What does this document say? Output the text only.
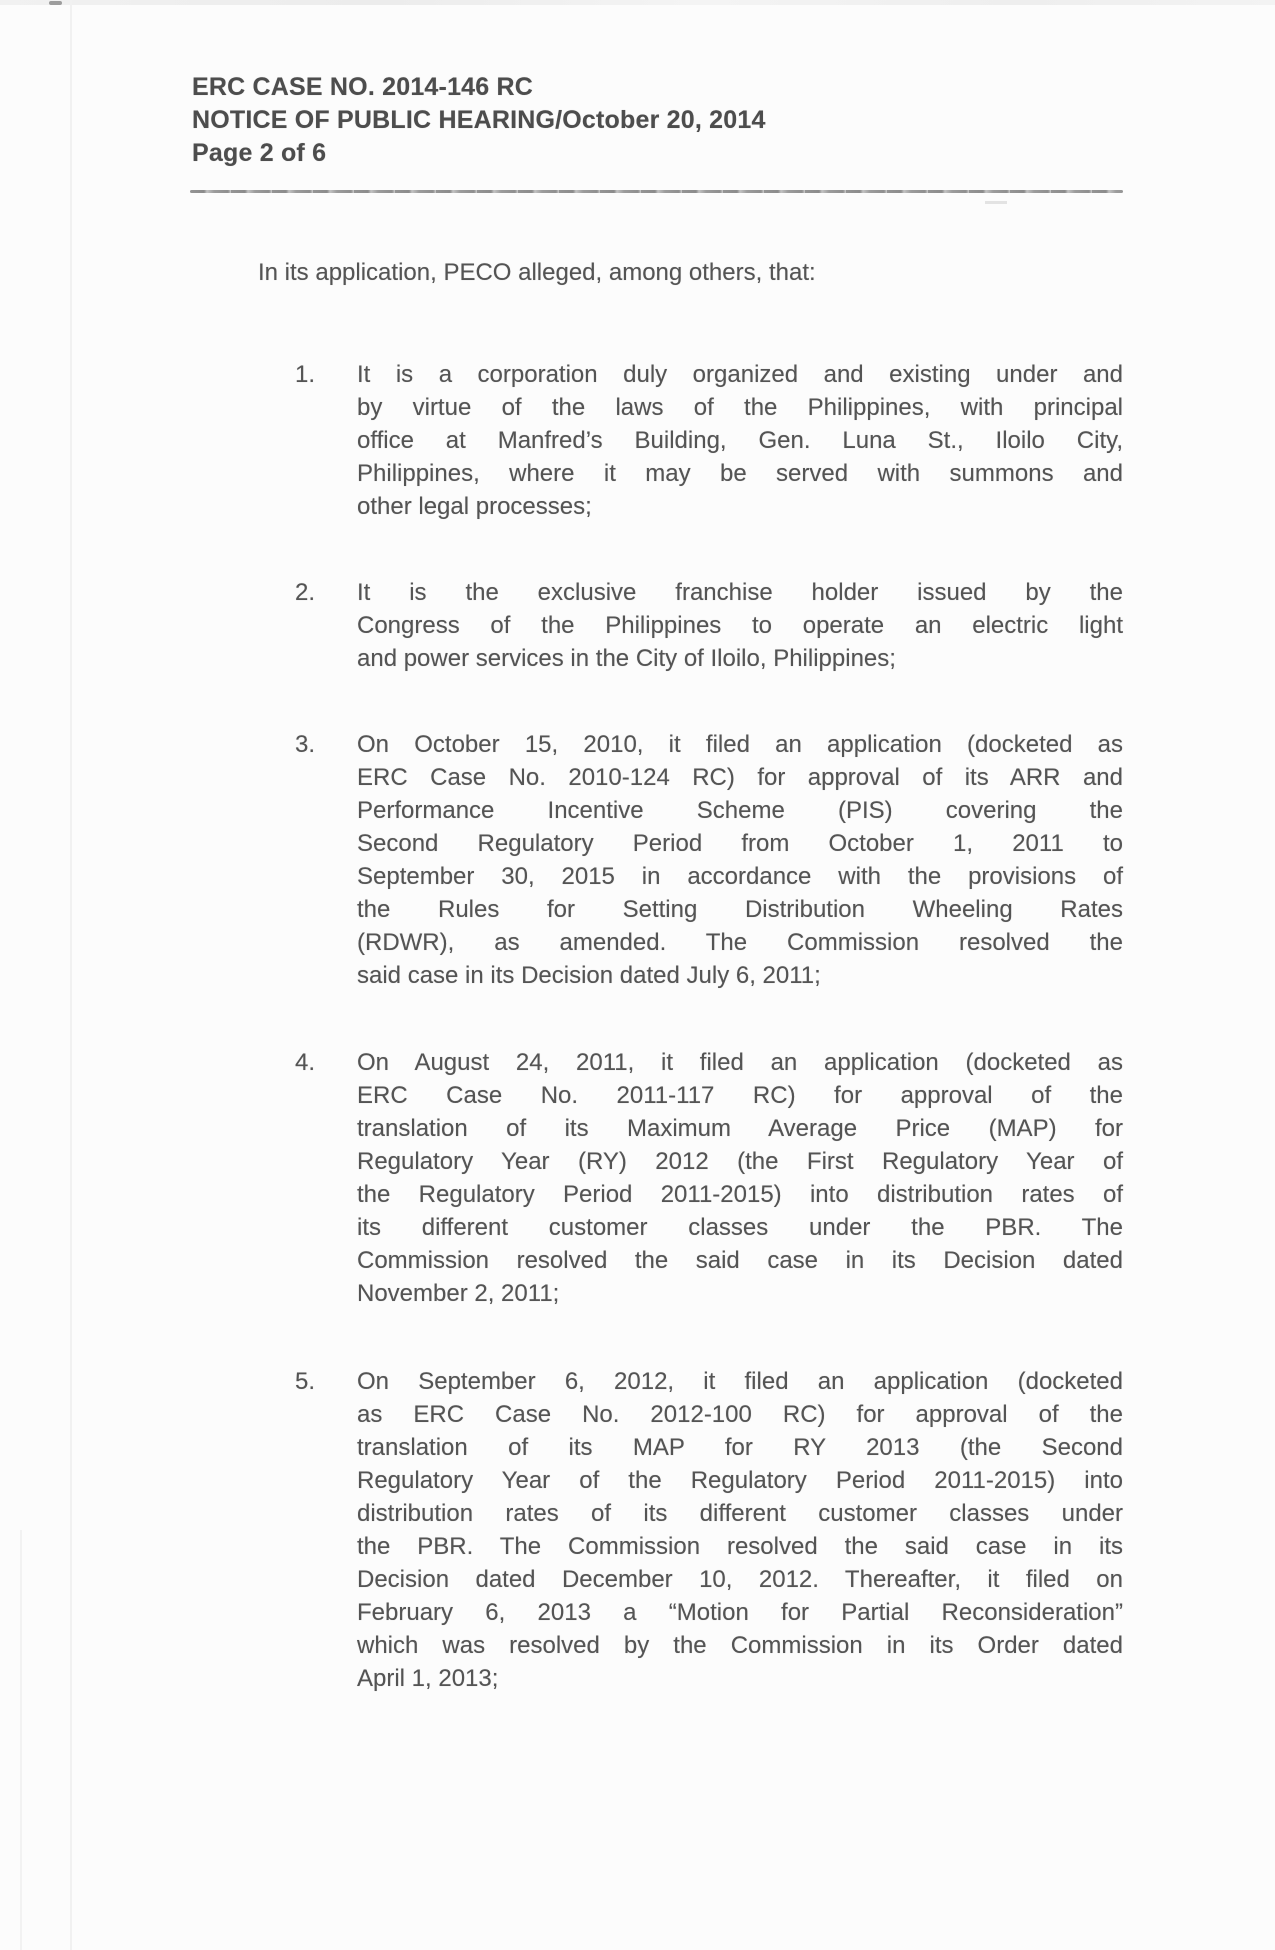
ERC CASE NO. 2014-146 RC
NOTICE OF PUBLIC HEARING/October 20, 2014
Page 2 of 6

In its application, PECO alleged, among others, that:

1. It is a corporation duly organized and existing under and
by virtue of the laws of the Philippines, with principal
office at Manfred’s Building, Gen. Luna St., Iloilo City,
Philippines, where it may be served with summons and
other legal processes;
2. It is the exclusive franchise holder issued by the
Congress of the Philippines to operate an electric light
and power services in the City of Iloilo, Philippines;
3. On October 15, 2010, it filed an application (docketed as
ERC Case No. 2010-124 RC) for approval of its ARR and
Performance Incentive Scheme (PIS) covering the
Second Regulatory Period from October 1, 2011 to
September 30, 2015 in accordance with the provisions of
the Rules for Setting Distribution Wheeling Rates
(RDWR), as amended. The Commission resolved the
said case in its Decision dated July 6, 2011;
4. On August 24, 2011, it filed an application (docketed as
ERC Case No. 2011-117 RC) for approval of the
translation of its Maximum Average Price (MAP) for
Regulatory Year (RY) 2012 (the First Regulatory Year of
the Regulatory Period 2011-2015) into distribution rates of
its different customer classes under the PBR. The
Commission resolved the said case in its Decision dated
November 2, 2011;
5. On September 6, 2012, it filed an application (docketed
as ERC Case No. 2012-100 RC) for approval of the
translation of its MAP for RY 2013 (the Second
Regulatory Year of the Regulatory Period 2011-2015) into
distribution rates of its different customer classes under
the PBR. The Commission resolved the said case in its
Decision dated December 10, 2012. Thereafter, it filed on
February 6, 2013 a “Motion for Partial Reconsideration”
which was resolved by the Commission in its Order dated
April 1, 2013;
